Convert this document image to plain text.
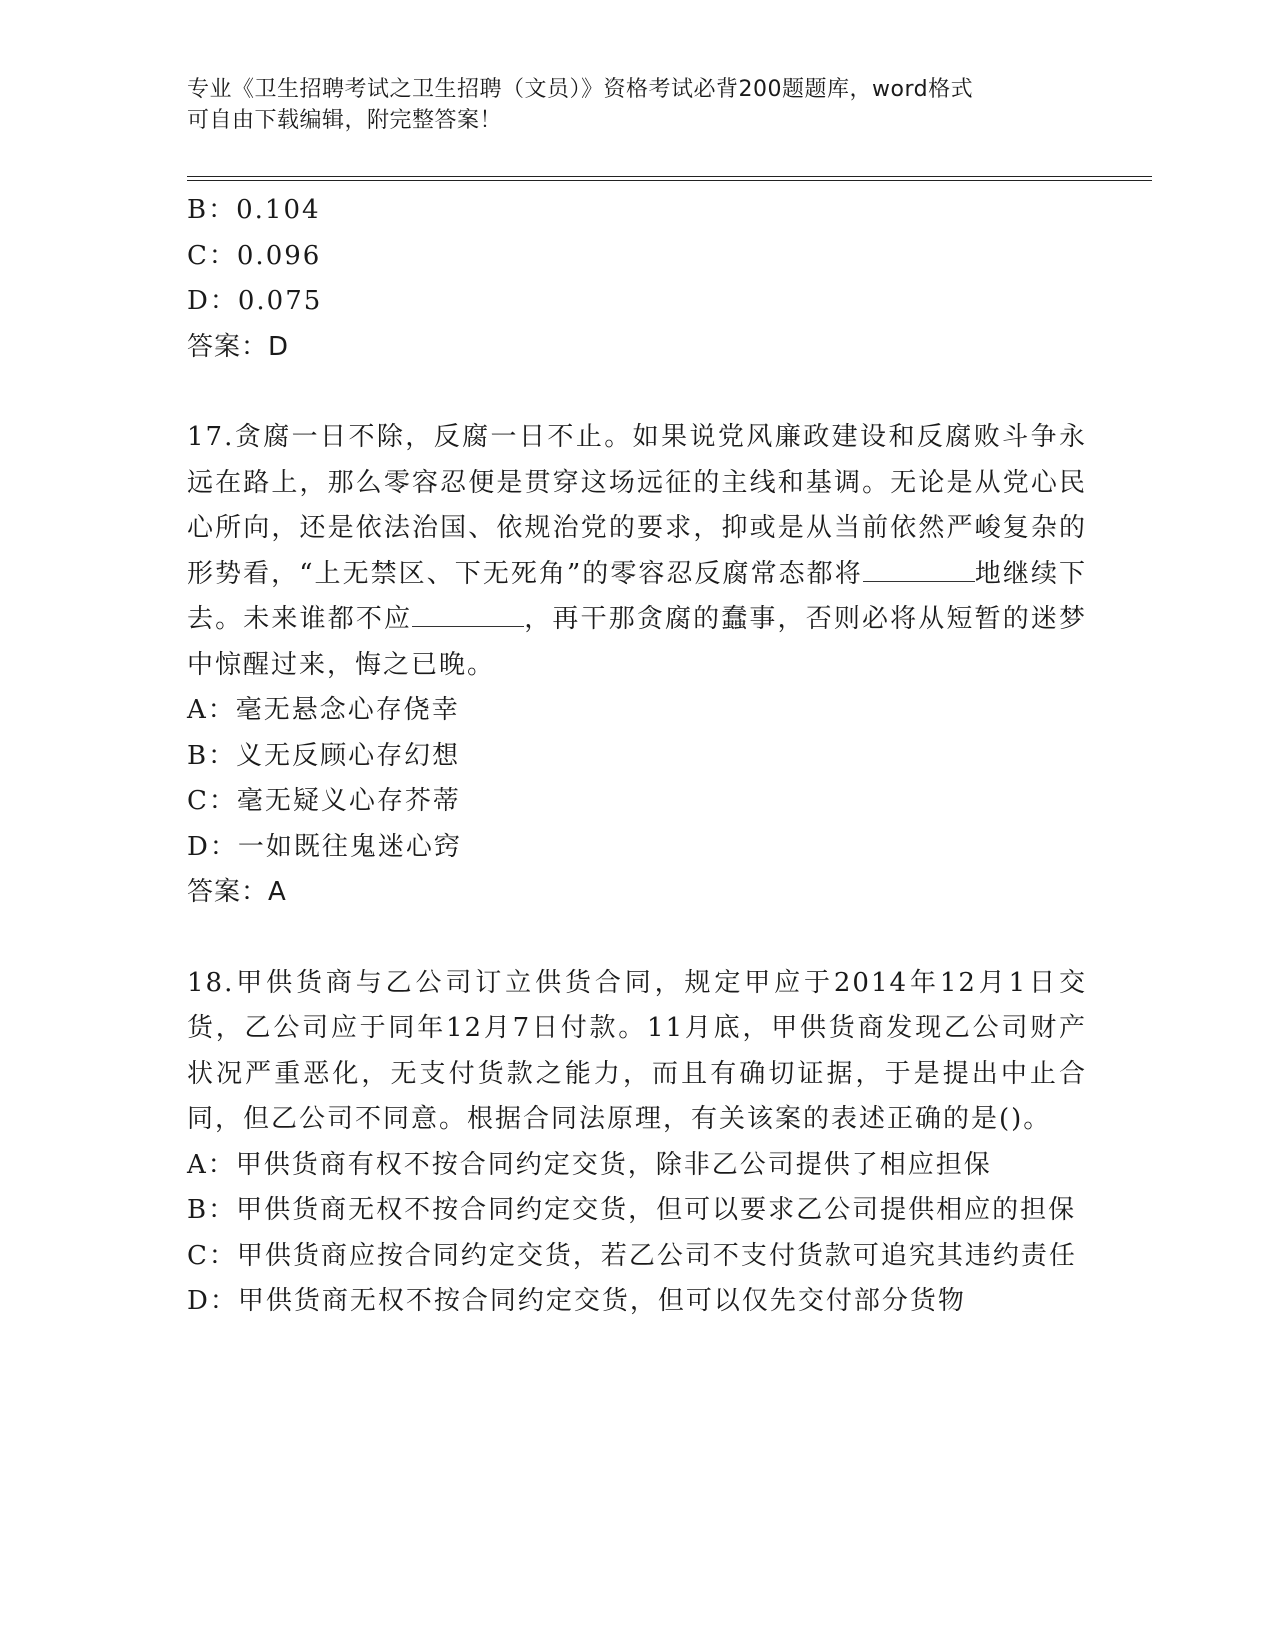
专业《卫生招聘考试之卫生招聘（文员）》资格考试必背200题题库，word格式
可自由下载编辑，附完整答案！
B：0.104
C：0.096
D：0.075
答案：D
17.贪腐一日不除，反腐一日不止。如果说党风廉政建设和反腐败斗争永远在路上，那么零容忍便是贯穿这场远征的主线和基调。无论是从党心民心所向，还是依法治国、依规治党的要求，抑或是从当前依然严峻复杂的形势看，“上无禁区、下无死角”的零容忍反腐常态都将	地继续下去。未来谁都不应	，再干那贪腐的蠢事，否则必将从短暂的迷梦中惊醒过来，悔之已晚。
A：毫无悬念心存侥幸
B：义无反顾心存幻想
C：毫无疑义心存芥蒂
D：一如既往鬼迷心窍
答案：A
18.甲供货商与乙公司订立供货合同，规定甲应于2014年12月1日交货，乙公司应于同年12月7日付款。11月底，甲供货商发现乙公司财产状况严重恶化，无支付货款之能力，而且有确切证据，于是提出中止合同，但乙公司不同意。根据合同法原理，有关该案的表述正确的是()。
A：甲供货商有权不按合同约定交货，除非乙公司提供了相应担保
B：甲供货商无权不按合同约定交货，但可以要求乙公司提供相应的担保
C：甲供货商应按合同约定交货，若乙公司不支付货款可追究其违约责任
D：甲供货商无权不按合同约定交货，但可以仅先交付部分货物
